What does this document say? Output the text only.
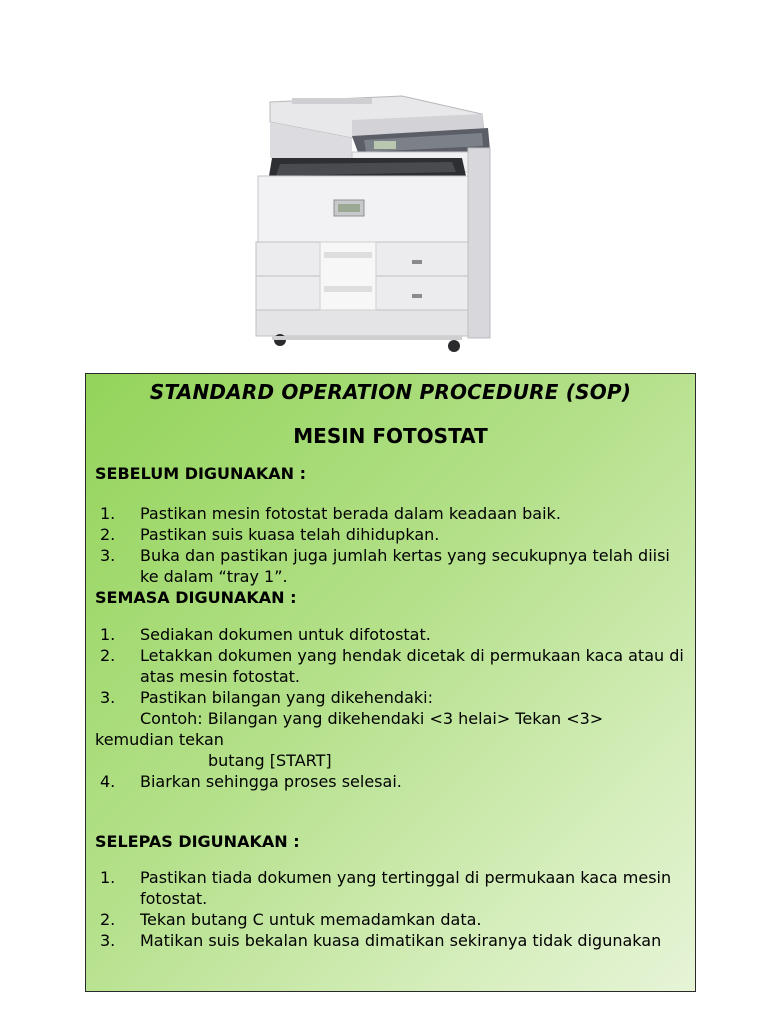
STANDARD OPERATION PROCEDURE (SOP)
MESIN FOTOSTAT
SEBELUM DIGUNAKAN :
1. Pastikan mesin fotostat berada dalam keadaan baik.
2. Pastikan suis kuasa telah dihidupkan.
3. Buka dan pastikan juga jumlah kertas yang secukupnya telah diisi ke dalam “tray 1”.
SEMASA DIGUNAKAN :
1. Sediakan dokumen untuk difotostat.
2. Letakkan dokumen yang hendak dicetak di permukaan kaca atau di atas mesin fotostat.
3. Pastikan bilangan yang dikehendaki:
Contoh: Bilangan yang dikehendaki <3 helai> Tekan <3>
kemudian tekan
butang [START]
4. Biarkan sehingga proses selesai.
SELEPAS DIGUNAKAN :
1. Pastikan tiada dokumen yang tertinggal di permukaan kaca mesin fotostat.
2. Tekan butang C untuk memadamkan data.
3. Matikan suis bekalan kuasa dimatikan sekiranya tidak digunakan
